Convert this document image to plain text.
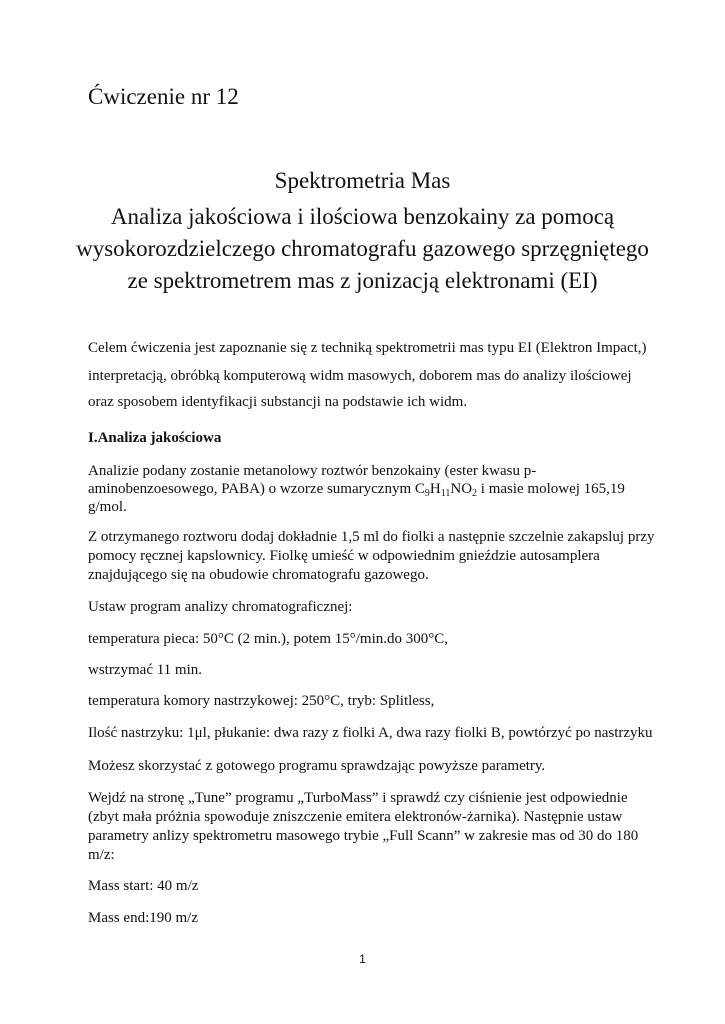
Ćwiczenie nr 12
Spektrometria Mas
Analiza jakościowa i ilościowa benzokainy za pomocą
wysokorozdzielczego chromatografu gazowego sprzęgniętego
ze spektrometrem mas z jonizacją elektronami (EI)
Celem ćwiczenia jest zapoznanie się z techniką spektrometrii mas typu EI (Elektron Impact,)
interpretacją, obróbką komputerową widm masowych, doborem mas do analizy ilościowej
oraz sposobem identyfikacji substancji na podstawie ich widm.
I.Analiza jakościowa
Analizie podany zostanie metanolowy roztwór benzokainy (ester kwasu p-
aminobenzoesowego, PABA) o wzorze sumarycznym $C_9H_{11}NO_2$ i masie molowej 165,19
g/mol.
Z otrzymanego roztworu dodaj dokładnie 1,5 ml do fiolki a następnie szczelnie zakapsluj przy
pomocy ręcznej kapslownicy. Fiolkę umieść w odpowiednim gnieździe autosamplera
znajdującego się na obudowie chromatografu gazowego.
Ustaw program analizy chromatograficznej:
temperatura pieca: 50°C (2 min.), potem 15°/min.do 300°C,
wstrzymać 11 min.
temperatura komory nastrzykowej: 250°C, tryb: Splitless,
Ilość nastrzyku: 1μl, płukanie: dwa razy z fiolki A, dwa razy fiolki B, powtórzyć po nastrzyku
Możesz skorzystać z gotowego programu sprawdzając powyższe parametry.
Wejdź na stronę „Tune” programu „TurboMass” i sprawdź czy ciśnienie jest odpowiednie
(zbyt mała próżnia spowoduje zniszczenie emitera elektronów-żarnika). Następnie ustaw
parametry anlizy spektrometru masowego trybie „Full Scann” w zakresie mas od 30 do 180
m/z:
Mass start: 40 m/z
Mass end:190 m/z
1
